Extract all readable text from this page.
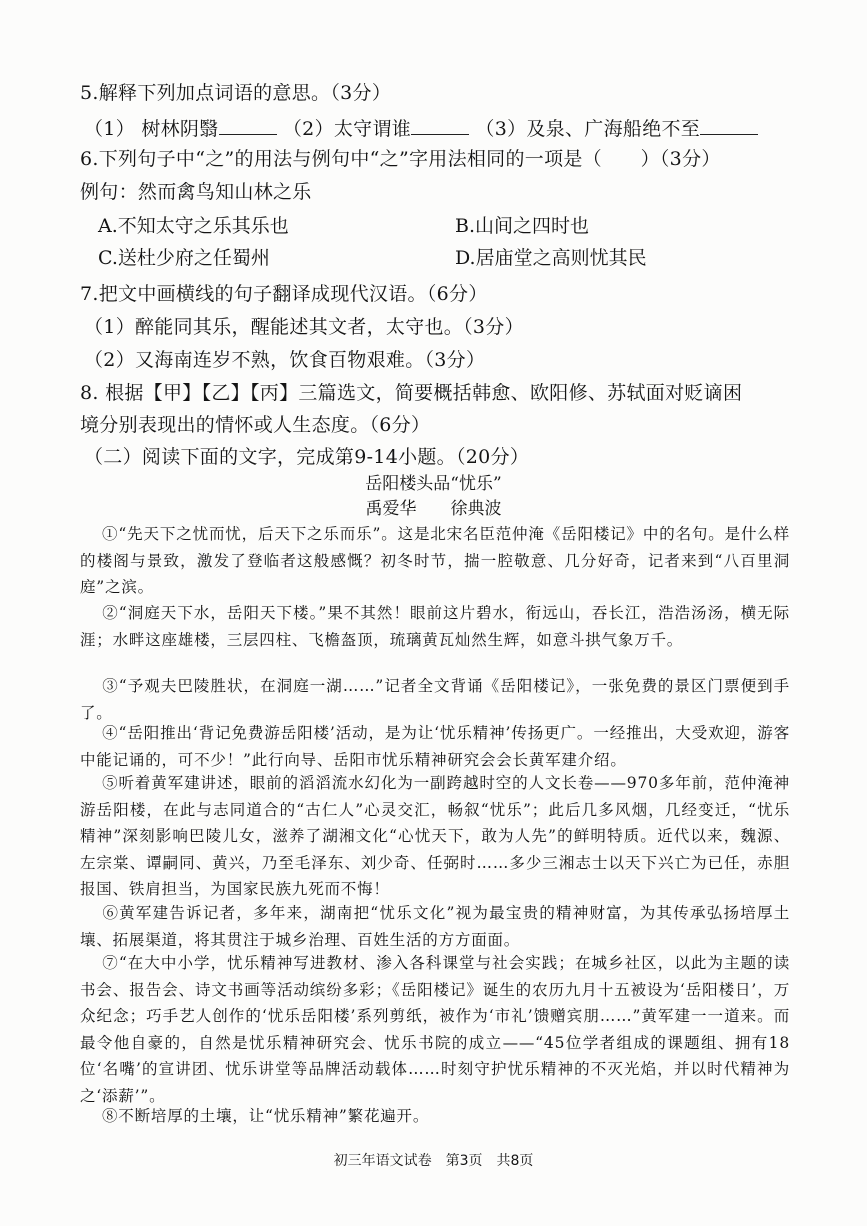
5.解释下列加点词语的意思。（3分）
（1） 树林阴翳	（2）太守谓谁	（3）及泉、广海船绝不至
6.下列句子中“之”的用法与例句中“之”字用法相同的一项是（　　）（3分）
例句：然而禽鸟知山林之乐
A.不知太守之乐其乐也	B.山间之四时也
C.送杜少府之任蜀州	D.居庙堂之高则忧其民
7.把文中画横线的句子翻译成现代汉语。（6分）
（1）醉能同其乐，醒能述其文者，太守也。（3分）
（2）又海南连岁不熟，饮食百物艰难。（3分）
8. 根据【甲】【乙】【丙】三篇选文，简要概括韩愈、欧阳修、苏轼面对贬谪困
境分别表现出的情怀或人生态度。（6分）
（二）阅读下面的文字，完成第9-14小题。（20分）
岳阳楼头品“忧乐”
禹爱华　　徐典波
①“先天下之忧而忧，后天下之乐而乐”。这是北宋名臣范仲淹《岳阳楼记》中的名句。是什么样的楼阁与景致，激发了登临者这般感慨？初冬时节，揣一腔敬意、几分好奇，记者来到“八百里洞庭”之滨。
②“洞庭天下水，岳阳天下楼。”果不其然！眼前这片碧水，衔远山，吞长江，浩浩汤汤，横无际涯；水畔这座雄楼，三层四柱、飞檐盔顶，琉璃黄瓦灿然生辉，如意斗拱气象万千。
③“予观夫巴陵胜状，在洞庭一湖……”记者全文背诵《岳阳楼记》，一张免费的景区门票便到手了。
④“岳阳推出‘背记免费游岳阳楼’活动，是为让‘忧乐精神’传扬更广。一经推出，大受欢迎，游客中能记诵的，可不少！”此行向导、岳阳市忧乐精神研究会会长黄军建介绍。
⑤听着黄军建讲述，眼前的滔滔流水幻化为一副跨越时空的人文长卷——970多年前，范仲淹神游岳阳楼，在此与志同道合的“古仁人”心灵交汇，畅叙“忧乐”；此后几多风烟，几经变迁，“忧乐精神”深刻影响巴陵儿女，滋养了湖湘文化“心忧天下，敢为人先”的鲜明特质。近代以来，魏源、左宗棠、谭嗣同、黄兴，乃至毛泽东、刘少奇、任弼时……多少三湘志士以天下兴亡为已任，赤胆报国、铁肩担当，为国家民族九死而不悔！
⑥黄军建告诉记者，多年来，湖南把“忧乐文化”视为最宝贵的精神财富，为其传承弘扬培厚土壤、拓展渠道，将其贯注于城乡治理、百姓生活的方方面面。
⑦“在大中小学，忧乐精神写进教材、渗入各科课堂与社会实践；在城乡社区，以此为主题的读书会、报告会、诗文书画等活动缤纷多彩；《岳阳楼记》诞生的农历九月十五被设为‘岳阳楼日’，万众纪念；巧手艺人创作的‘忧乐岳阳楼’系列剪纸，被作为‘市礼’馈赠宾朋……”黄军建一一道来。而最令他自豪的，自然是忧乐精神研究会、忧乐书院的成立——“45位学者组成的课题组、拥有18位‘名嘴’的宣讲团、忧乐讲堂等品牌活动载体……时刻守护忧乐精神的不灭光焰，并以时代精神为之‘添薪’”。
⑧不断培厚的土壤，让“忧乐精神”繁花遍开。
初三年语文试卷　第3页　共8页
